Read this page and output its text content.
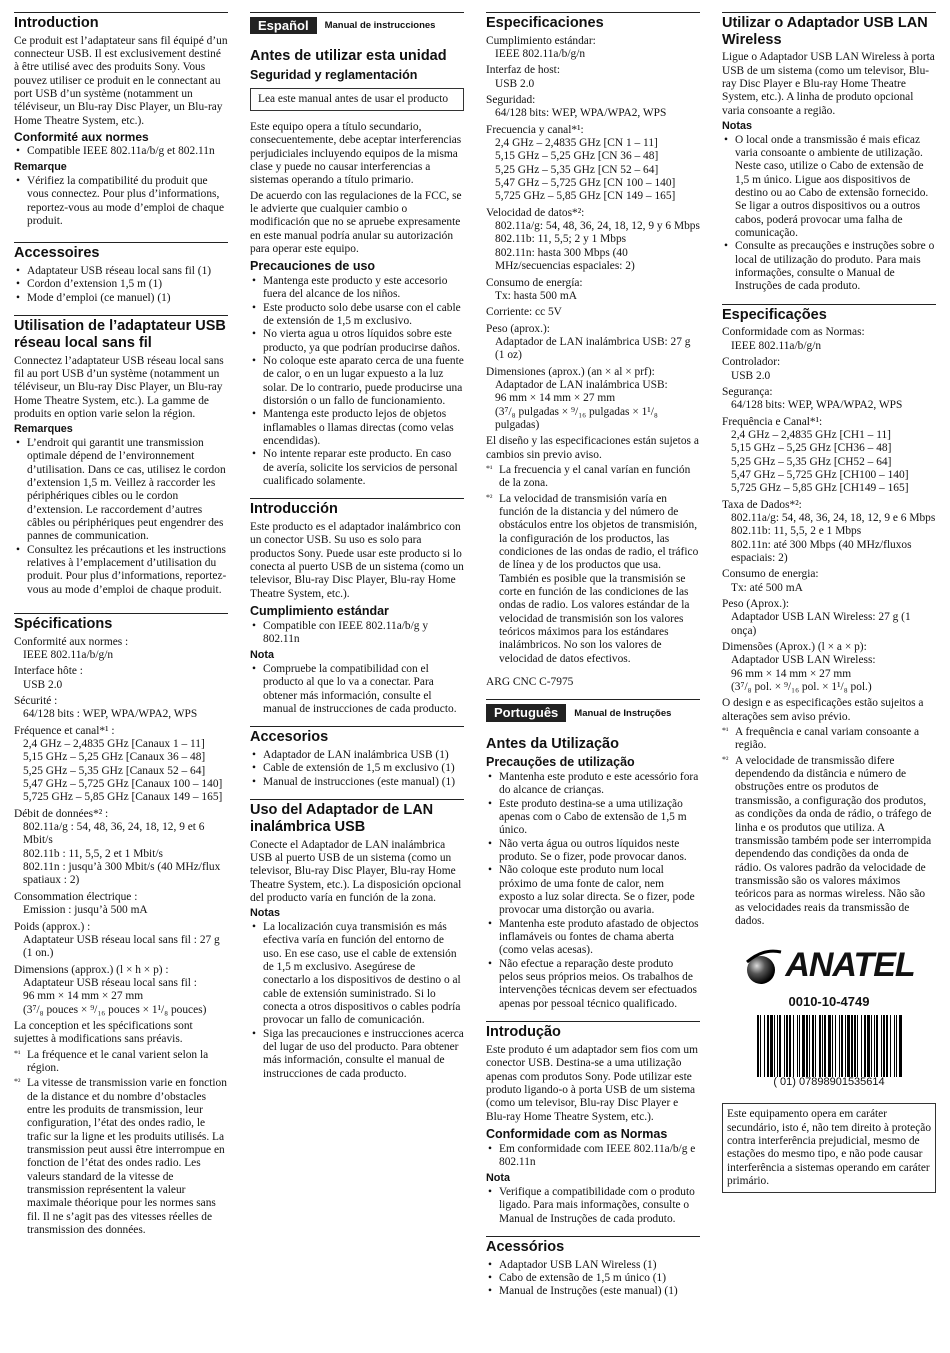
Introduction

Ce produit est l’adaptateur sans fil équipé d’un connecteur USB. Il est exclusivement destiné à être utilisé avec des produits Sony. Vous pouvez utiliser ce produit en le connectant au port USB d’un système (notamment un téléviseur, un Blu-ray Disc Player, un Blu-ray Home Theatre System, etc.).

Conformité aux normes
• Compatible IEEE 802.11a/b/g et 802.11n
Remarque
• Vérifiez la compatibilité du produit que vous connectez. Pour plus d’informations, reportez-vous au mode d’emploi de chaque produit.
Accessoires
• Adaptateur USB réseau local sans fil (1)
• Cordon d’extension 1,5 m (1)
• Mode d’emploi (ce manuel) (1)
Utilisation de l’adaptateur USB réseau local sans fil

Connectez l’adaptateur USB réseau local sans fil au port USB d’un système (notamment un téléviseur, un Blu-ray Disc Player, un Blu-ray Home Theatre System, etc.). La gamme de produits en option varie selon la région.

Remarques
• L’endroit qui garantit une transmission optimale dépend de l’environnement d’utilisation. Dans ce cas, utilisez le cordon d’extension 1,5 m. Veillez à raccorder les périphériques cibles ou le cordon d’extension. Le raccordement d’autres câbles ou périphériques peut engendrer des pannes de communication.
• Consultez les précautions et les instructions relatives à l’emplacement d’utilisation du produit. Pour plus d’informations, reportez-vous au mode d’emploi de chaque produit.
Spécifications
Conformité aux normes :
IEEE 802.11a/b/g/n
Interface hôte :
USB 2.0
Sécurité :
64/128 bits : WEP, WPA/WPA2, WPS
Fréquence et canal*¹ :
2,4 GHz – 2,4835 GHz [Canaux 1 – 11]
5,15 GHz – 5,25 GHz [Canaux 36 – 48]
5,25 GHz – 5,35 GHz [Canaux 52 – 64]
5,47 GHz – 5,725 GHz [Canaux 100 – 140]
5,725 GHz – 5,85 GHz [Canaux 149 – 165]
Débit de données*² :
802.11a/g : 54, 48, 36, 24, 18, 12, 9 et 6 Mbit/s
802.11b : 11, 5,5, 2 et 1 Mbit/s
802.11n : jusqu’à 300 Mbit/s (40 MHz/flux spatiaux : 2)
Consommation électrique :
Emission : jusqu’à 500 mA
Poids (approx.) :
Adaptateur USB réseau local sans fil : 27 g (1 on.)
Dimensions (approx.) (l × h × p) :
Adaptateur USB réseau local sans fil :
96 mm × 14 mm × 27 mm
(3⁷/₈ pouces × ⁹/₁₆ pouces × 1¹/₈ pouces)

La conception et les spécifications sont sujettes à modifications sans préavis.

*¹ La fréquence et le canal varient selon la région.
*² La vitesse de transmission varie en fonction de la distance et du nombre d’obstacles entre les produits de transmission, leur configuration, l’état des ondes radio, le trafic sur la ligne et les produits utilisés. La transmission peut aussi être interrompue en fonction de l’état des ondes radio. Les valeurs standard de la vitesse de transmission représentent la valeur maximale théorique pour les normes sans fil. Il ne s’agit pas des vitesses réelles de transmission des données.
Español	Manual de instrucciones
Antes de utilizar esta unidad
Seguridad y reglamentación
Lea este manual antes de usar el producto

Este equipo opera a título secundario, consecuentemente, debe aceptar interferencias perjudiciales incluyendo equipos de la misma clase y puede no causar interferencias a sistemas operando a título primario.

De acuerdo con las regulaciones de la FCC, se le advierte que cualquier cambio o modificación que no se apruebe expresamente en este manual podría anular su autorización para operar este equipo.

Precauciones de uso
• Mantenga este producto y este accesorio fuera del alcance de los niños.
• Este producto solo debe usarse con el cable de extensión de 1,5 m exclusivo.
• No vierta agua u otros líquidos sobre este producto, ya que podrían producirse daños.
• No coloque este aparato cerca de una fuente de calor, o en un lugar expuesto a la luz solar. De lo contrario, puede producirse una distorsión o un fallo de funcionamiento.
• Mantenga este producto lejos de objetos inflamables o llamas directas (como velas encendidas).
• No intente reparar este producto. En caso de avería, solicite los servicios de personal cualificado solamente.
Introducción

Este producto es el adaptador inalámbrico con un conector USB. Su uso es solo para productos Sony. Puede usar este producto si lo conecta al puerto USB de un sistema (como un televisor, Blu-ray Disc Player, Blu-ray Home Theatre System, etc.).

Cumplimiento estándar
• Compatible con IEEE 802.11a/b/g y 802.11n
Nota
• Compruebe la compatibilidad con el producto al que lo va a conectar. Para obtener más información, consulte el manual de instrucciones de cada producto.
Accesorios
• Adaptador de LAN inalámbrica USB (1)
• Cable de extensión de 1,5 m exclusivo (1)
• Manual de instrucciones (este manual) (1)
Uso del Adaptador de LAN inalámbrica USB

Conecte el Adaptador de LAN inalámbrica USB al puerto USB de un sistema (como un televisor, Blu-ray Disc Player, Blu-ray Home Theatre System, etc.). La disposición opcional del producto varía en función de la zona.

Notas
• La localización cuya transmisión es más efectiva varía en función del entorno de uso. En ese caso, use el cable de extensión de 1,5 m exclusivo. Asegúrese de conectarlo a los dispositivos de destino o al cable de extensión suministrado. Si lo conecta a otros dispositivos o cables podría provocar un fallo de comunicación.
• Siga las precauciones e instrucciones acerca del lugar de uso del producto. Para obtener más información, consulte el manual de instrucciones de cada producto.
Especificaciones
Cumplimiento estándar:
IEEE 802.11a/b/g/n
Interfaz de host:
USB 2.0
Seguridad:
64/128 bits: WEP, WPA/WPA2, WPS
Frecuencia y canal*¹:
2,4 GHz – 2,4835 GHz [CN 1 – 11]
5,15 GHz – 5,25 GHz [CN 36 – 48]
5,25 GHz – 5,35 GHz [CN 52 – 64]
5,47 GHz – 5,725 GHz [CN 100 – 140]
5,725 GHz – 5,85 GHz [CN 149 – 165]
Velocidad de datos*²:
802.11a/g: 54, 48, 36, 24, 18, 12, 9 y 6 Mbps
802.11b: 11, 5,5; 2 y 1 Mbps
802.11n: hasta 300 Mbps (40 MHz/secuencias espaciales: 2)
Consumo de energía:
Tx: hasta 500 mA
Corriente: cc 5V
Peso (aprox.):
Adaptador de LAN inalámbrica USB: 27 g (1 oz)
Dimensiones (aprox.) (an × al × prf):
Adaptador de LAN inalámbrica USB:
96 mm × 14 mm × 27 mm
(3⁷/₈ pulgadas × ⁹/₁₆ pulgadas × 1¹/₈ pulgadas)

El diseño y las especificaciones están sujetos a cambios sin previo aviso.

*¹ La frecuencia y el canal varían en función de la zona.
*² La velocidad de transmisión varía en función de la distancia y del número de obstáculos entre los objetos de transmisión, la configuración de los productos, las condiciones de las ondas de radio, el tráfico de línea y de los productos que usa. También es posible que la transmisión se corte en función de las condiciones de las ondas de radio. Los valores estándar de la velocidad de transmisión son los valores teóricos máximos para los estándares inalámbricos. No son los valores de velocidad de datos efectivos.

ARG CNC C-7975

Português	Manual de Instruções
Antes da Utilização
Precauções de utilização
• Mantenha este produto e este acessório fora do alcance de crianças.
• Este produto destina-se a uma utilização apenas com o Cabo de extensão de 1,5 m único.
• Não verta água ou outros líquidos neste produto. Se o fizer, pode provocar danos.
• Não coloque este produto num local próximo de uma fonte de calor, nem exposto a luz solar directa. Se o fizer, pode provocar uma distorção ou avaria.
• Mantenha este produto afastado de objectos inflamáveis ou fontes de chama aberta (como velas acesas).
• Não efectue a reparação deste produto pelos seus próprios meios. Os trabalhos de intervenções técnicas devem ser efectuados apenas por pessoal técnico qualificado.
Introdução

Este produto é um adaptador sem fios com um conector USB. Destina-se a uma utilização apenas com produtos Sony. Pode utilizar este produto ligando-o à porta USB de um sistema (como um televisor, Blu-ray Disc Player e Blu-ray Home Theatre System, etc.).

Conformidade com as Normas
• Em conformidade com IEEE 802.11a/b/g e 802.11n
Nota
• Verifique a compatibilidade com o produto ligado. Para mais informações, consulte o Manual de Instruções de cada produto.
Acessórios
• Adaptador USB LAN Wireless (1)
• Cabo de extensão de 1,5 m único (1)
• Manual de Instruções (este manual) (1)
Utilizar o Adaptador USB LAN Wireless

Ligue o Adaptador USB LAN Wireless à porta USB de um sistema (como um televisor, Blu-ray Disc Player e Blu-ray Home Theatre System, etc.). A linha de produto opcional varia consoante a região.

Notas
• O local onde a transmissão é mais eficaz varia consoante o ambiente de utilização. Neste caso, utilize o Cabo de extensão de 1,5 m único. Ligue aos dispositivos de destino ou ao Cabo de extensão fornecido. Se ligar a outros dispositivos ou a outros cabos, poderá provocar uma falha de comunicação.
• Consulte as precauções e instruções sobre o local de utilização do produto. Para mais informações, consulte o Manual de Instruções de cada produto.
Especificações
Conformidade com as Normas:
IEEE 802.11a/b/g/n
Controlador:
USB 2.0
Segurança:
64/128 bits: WEP, WPA/WPA2, WPS
Frequência e Canal*¹:
2,4 GHz – 2,4835 GHz [CH1 – 11]
5,15 GHz – 5,25 GHz [CH36 – 48]
5,25 GHz – 5,35 GHz [CH52 – 64]
5,47 GHz – 5,725 GHz [CH100 – 140]
5,725 GHz – 5,85 GHz [CH149 – 165]
Taxa de Dados*²:
802.11a/g: 54, 48, 36, 24, 18, 12, 9 e 6 Mbps
802.11b: 11, 5,5, 2 e 1 Mbps
802.11n: até 300 Mbps (40 MHz/fluxos espaciais: 2)
Consumo de energia:
Tx: até 500 mA
Peso (Aprox.):
Adaptador USB LAN Wireless: 27 g (1 onça)
Dimensões (Aprox.) (l × a × p):
Adaptador USB LAN Wireless:
96 mm × 14 mm × 27 mm
(3⁷/₈ pol. × ⁹/₁₆ pol. × 1¹/₈ pol.)

O design e as especificações estão sujeitos a alterações sem aviso prévio.

*¹ A frequência e canal variam consoante a região.
*² A velocidade de transmissão difere dependendo da distância e número de obstruções entre os produtos de transmissão, a configuração dos produtos, as condições da onda de rádio, o tráfego de linha e os produtos que utiliza. A transmissão também pode ser interrompida dependendo das condições da onda de rádio. Os valores padrão da velocidade de transmissão são os valores máximos teóricos para as normas wireless. Não são as velocidades reais da transmissão de dados.
ANATEL
0010-10-4749
( 01) 07898901535614
Este equipamento opera em caráter secundário, isto é, não tem direito à proteção contra interferência prejudicial, mesmo de estações do mesmo tipo, e não pode causar interferência a sistemas operando em caráter primário.
